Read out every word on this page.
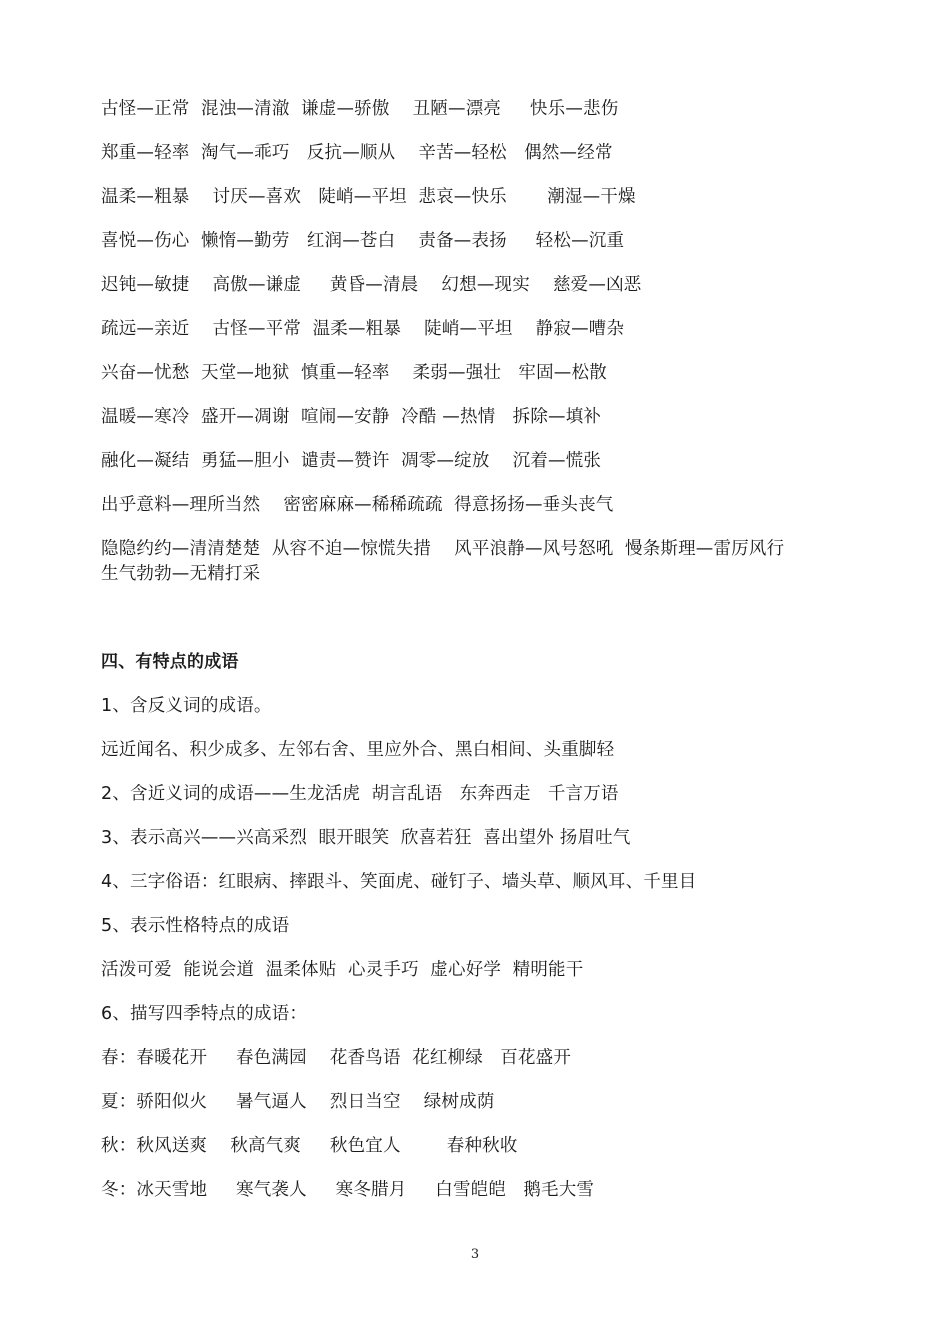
古怪—正常  混浊—清澈  谦虚—骄傲    丑陋—漂亮     快乐—悲伤
郑重—轻率  淘气—乖巧   反抗—顺从    辛苦—轻松   偶然—经常
温柔—粗暴    讨厌—喜欢   陡峭—平坦  悲哀—快乐       潮湿—干燥
喜悦—伤心  懒惰—勤劳   红润—苍白    责备—表扬     轻松—沉重
迟钝—敏捷    高傲—谦虚     黄昏—清晨    幻想—现实    慈爱—凶恶
疏远—亲近    古怪—平常  温柔—粗暴    陡峭—平坦    静寂—嘈杂
兴奋—忧愁  天堂—地狱  慎重—轻率    柔弱—强壮   牢固—松散
温暖—寒冷  盛开—凋谢  喧闹—安静  冷酷 —热情   拆除—填补
融化—凝结  勇猛—胆小  谴责—赞许  凋零—绽放    沉着—慌张
出乎意料—理所当然    密密麻麻—稀稀疏疏  得意扬扬—垂头丧气
隐隐约约—清清楚楚  从容不迫—惊慌失措    风平浪静—风号怒吼  慢条斯理—雷厉风行
生气勃勃—无精打采
四、有特点的成语
1、含反义词的成语。
远近闻名、积少成多、左邻右舍、里应外合、黑白相间、头重脚轻
2、含近义词的成语——生龙活虎  胡言乱语   东奔西走   千言万语
3、表示高兴——兴高采烈  眼开眼笑  欣喜若狂  喜出望外 扬眉吐气
4、三字俗语：红眼病、摔跟斗、笑面虎、碰钉子、墙头草、顺风耳、千里目
5、表示性格特点的成语
活泼可爱  能说会道  温柔体贴  心灵手巧  虚心好学  精明能干
6、描写四季特点的成语：
春：春暖花开     春色满园    花香鸟语  花红柳绿   百花盛开
夏：骄阳似火     暑气逼人    烈日当空    绿树成荫
秋：秋风送爽    秋高气爽     秋色宜人        春种秋收
冬：冰天雪地     寒气袭人     寒冬腊月     白雪皑皑   鹅毛大雪
3
